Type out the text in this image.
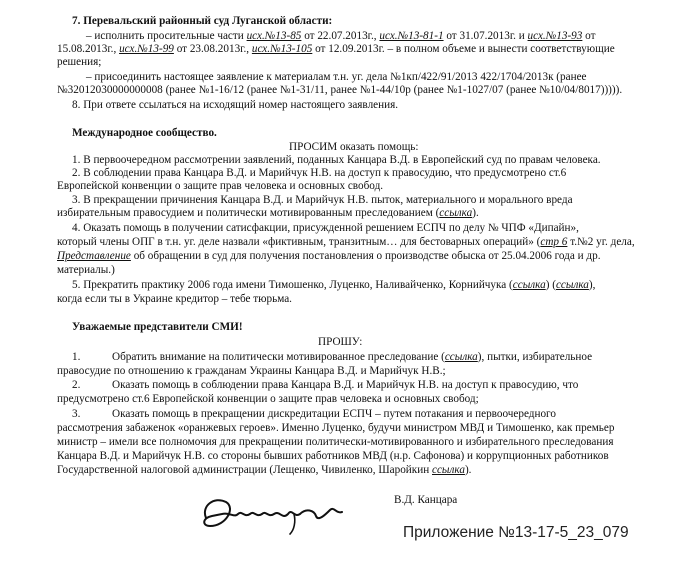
7. Перевальский районный суд Луганской области:
– исполнить просительные части исх.№13-85 от 22.07.2013г., исх.№13-81-1 от 31.07.2013г. и исх.№13-93 от
15.08.2013г., исх.№13-99 от 23.08.2013г., исх.№13-105 от 12.09.2013г. – в полном объеме и вынести соответствующие
решения;
– присоединить настоящее заявление к материалам т.н. уг. дела №1кп/422/91/2013 422/1704/2013к (ранее
№32012030000000008 (ранее №1-16/12 (ранее №1-31/11, ранее №1-44/10р (ранее №1-1027/07 (ранее №10/04/8017))))).
8. При ответе ссылаться на исходящий номер настоящего заявления.
Международное сообщество.
ПРОСИМ оказать помощь:
1. В первоочередном рассмотрении заявлений, поданных Канцара В.Д. в Европейский суд по правам человека.
2. В соблюдении права Канцара В.Д. и Марийчук Н.В. на доступ к правосудию, что предусмотрено ст.6
Европейской конвенции о защите прав человека и основных свобод.
3. В прекращении причинения Канцара В.Д. и Марийчук Н.В. пыток, материального и морального вреда
избирательным правосудием и политически мотивированным преследованием (ссылка).
4. Оказать помощь в получении сатисфакции, присужденной решением ЕСПЧ по делу № ЧПФ «Дипайн»,
который члены ОПГ в т.н. уг. деле назвали «фиктивным, транзитным… для бестоварных операций» (стр 6 т.№2 уг. дела,
Представление об обращении в суд для получения постановления о производстве обыска от 25.04.2006 года и др.
материалы.)
5. Прекратить практику 2006 года имени Тимошенко, Луценко, Наливайченко, Корнийчука (ссылка) (ссылка),
когда если ты в Украине кредитор – тебе тюрьма.
Уважаемые представители СМИ!
ПРОШУ:
1.	Обратить внимание на политически мотивированное преследование (ссылка), пытки, избирательное
правосудие по отношению к гражданам Украины Канцара В.Д. и Марийчук Н.В.;
2.	Оказать помощь в соблюдении права Канцара В.Д. и Марийчук Н.В. на доступ к правосудию, что
предусмотрено ст.6 Европейской конвенции о защите прав человека и основных свобод;
3.	Оказать помощь в прекращении дискредитации ЕСПЧ – путем потакания и первоочередного
рассмотрения забаженок «оранжевых героев». Именно Луценко, будучи министром МВД и Тимошенко, как премьер
министр – имели все полномочия для прекращении политически-мотивированного и избирательного преследования
Канцара В.Д. и Марийчук Н.В. со стороны бывших работников МВД (н.р. Сафонова) и коррупционных работников
Государственной налоговой администрации (Лещенко, Чивиленко, Шаройкин ссылка).
В.Д. Канцара
Приложение №13-17-5_23_079
